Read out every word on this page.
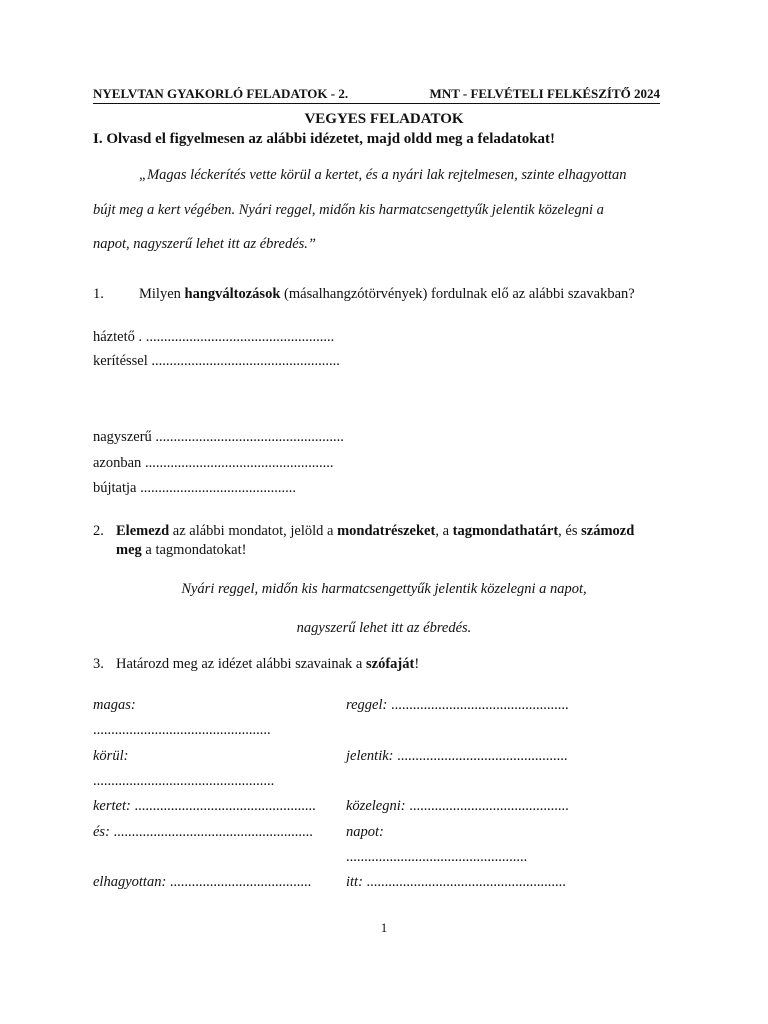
NYELVTAN GYAKORLÓ FELADATOK - 2.	MNT - FELVÉTELI FELKÉSZÍTŐ 2024
VEGYES FELADATOK
I. Olvasd el figyelmesen az alábbi idézetet, majd oldd meg a feladatokat!
„Magas léckerítés vette körül a kertet, és a nyári lak rejtelmesen, szinte elhagyottan
bújt meg a kert végében. Nyári reggel, midőn kis harmatcsengettyűk jelentik közelegni a
napot, nagyszerű lehet itt az ébredés.”
1. Milyen hangváltozások (másalhangzótörvények) fordulnak elő az alábbi szavakban?
háztető . ....................................................
kerítéssel ....................................................
nagyszerű ....................................................
azonban ....................................................
bújtatja ...........................................
2. Elemezd az alábbi mondatot, jelöld a mondatrészeket, a tagmondathatárt, és számozd
meg a tagmondatokat!
Nyári reggel, midőn kis harmatcsengettyűk jelentik közelegni a napot,
nagyszerű lehet itt az ébredés.
3. Határozd meg az idézet alábbi szavainak a szófaját!
magas:
.................................................
körül:
..................................................
kertet: ..................................................
és: .......................................................
elhagyottan: .......................................
reggel: .................................................
jelentik: ...............................................
közelegni: ............................................
napot:
..................................................
itt: .......................................................
1
